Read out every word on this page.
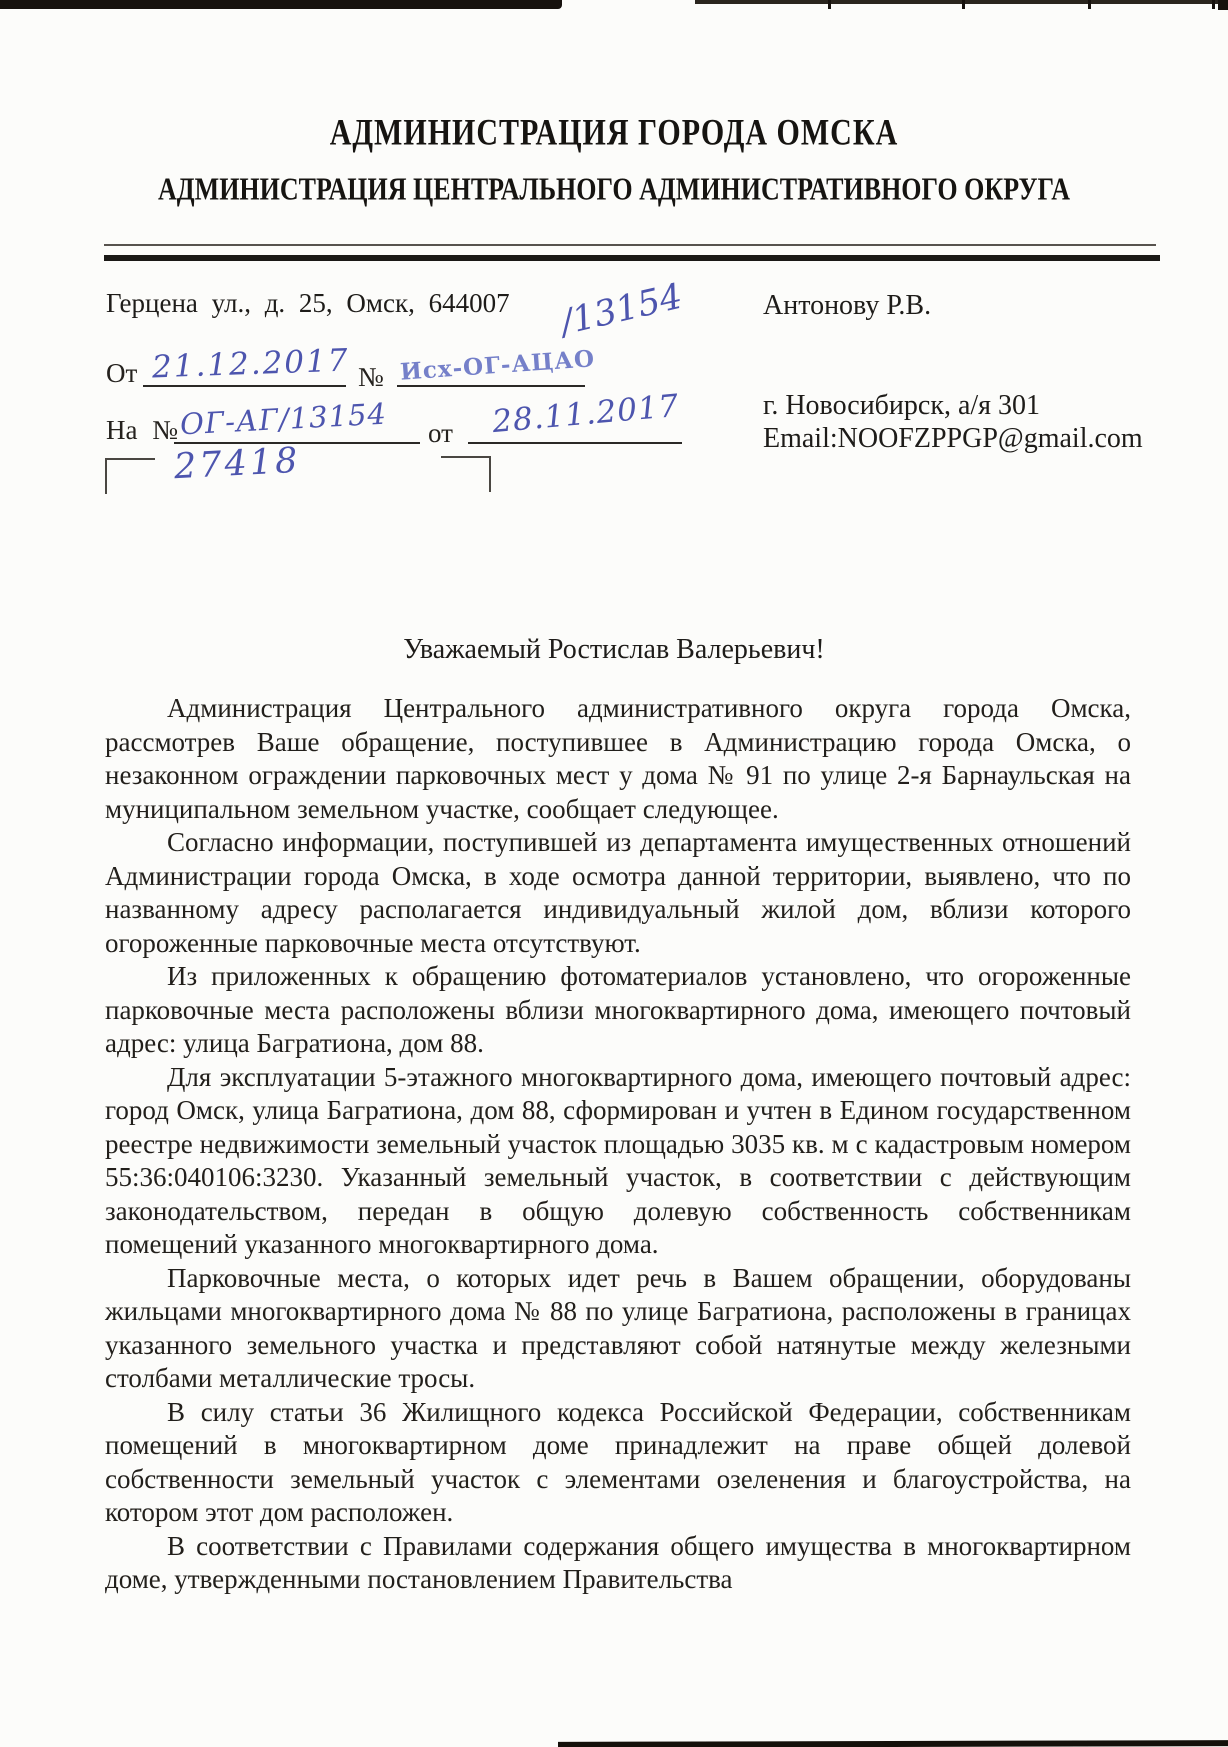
АДМИНИСТРАЦИЯ ГОРОДА ОМСКА
АДМИНИСТРАЦИЯ ЦЕНТРАЛЬНОГО АДМИНИСТРАТИВНОГО ОКРУГА
Герцена ул., д. 25, Омск, 644007
От 21.12.2017 № Исх-ОГ-АЦАО
/13154
На № ОГ-АГ/13154 от 28.11.2017
27418
Антонову Р.В.
г. Новосибирск, а/я 301
Email:NOOFZPPGP@gmail.com
Уважаемый Ростислав Валерьевич!

Администрация Центрального административного округа города Омска, рассмотрев Ваше обращение, поступившее в Администрацию города Омска, о незаконном ограждении парковочных мест у дома № 91 по улице 2-я Барнаульская на муниципальном земельном участке, сообщает следующее.

Согласно информации, поступившей из департамента имущественных отношений Администрации города Омска, в ходе осмотра данной территории, выявлено, что по названному адресу располагается индивидуальный жилой дом, вблизи которого огороженные парковочные места отсутствуют.

Из приложенных к обращению фотоматериалов установлено, что огороженные парковочные места расположены вблизи многоквартирного дома, имеющего почтовый адрес: улица Багратиона, дом 88.

Для эксплуатации 5-этажного многоквартирного дома, имеющего почтовый адрес: город Омск, улица Багратиона, дом 88, сформирован и учтен в Едином государственном реестре недвижимости земельный участок площадью 3035 кв. м с кадастровым номером 55:36:040106:3230. Указанный земельный участок, в соответствии с действующим законодательством, передан в общую долевую собственность собственникам помещений указанного многоквартирного дома.

Парковочные места, о которых идет речь в Вашем обращении, оборудованы жильцами многоквартирного дома № 88 по улице Багратиона, расположены в границах указанного земельного участка и представляют собой натянутые между железными столбами металлические тросы.

В силу статьи 36 Жилищного кодекса Российской Федерации, собственникам помещений в многоквартирном доме принадлежит на праве общей долевой собственности земельный участок с элементами озеленения и благоустройства, на котором этот дом расположен.

В соответствии с Правилами содержания общего имущества в многоквартирном доме, утвержденными постановлением Правительства
